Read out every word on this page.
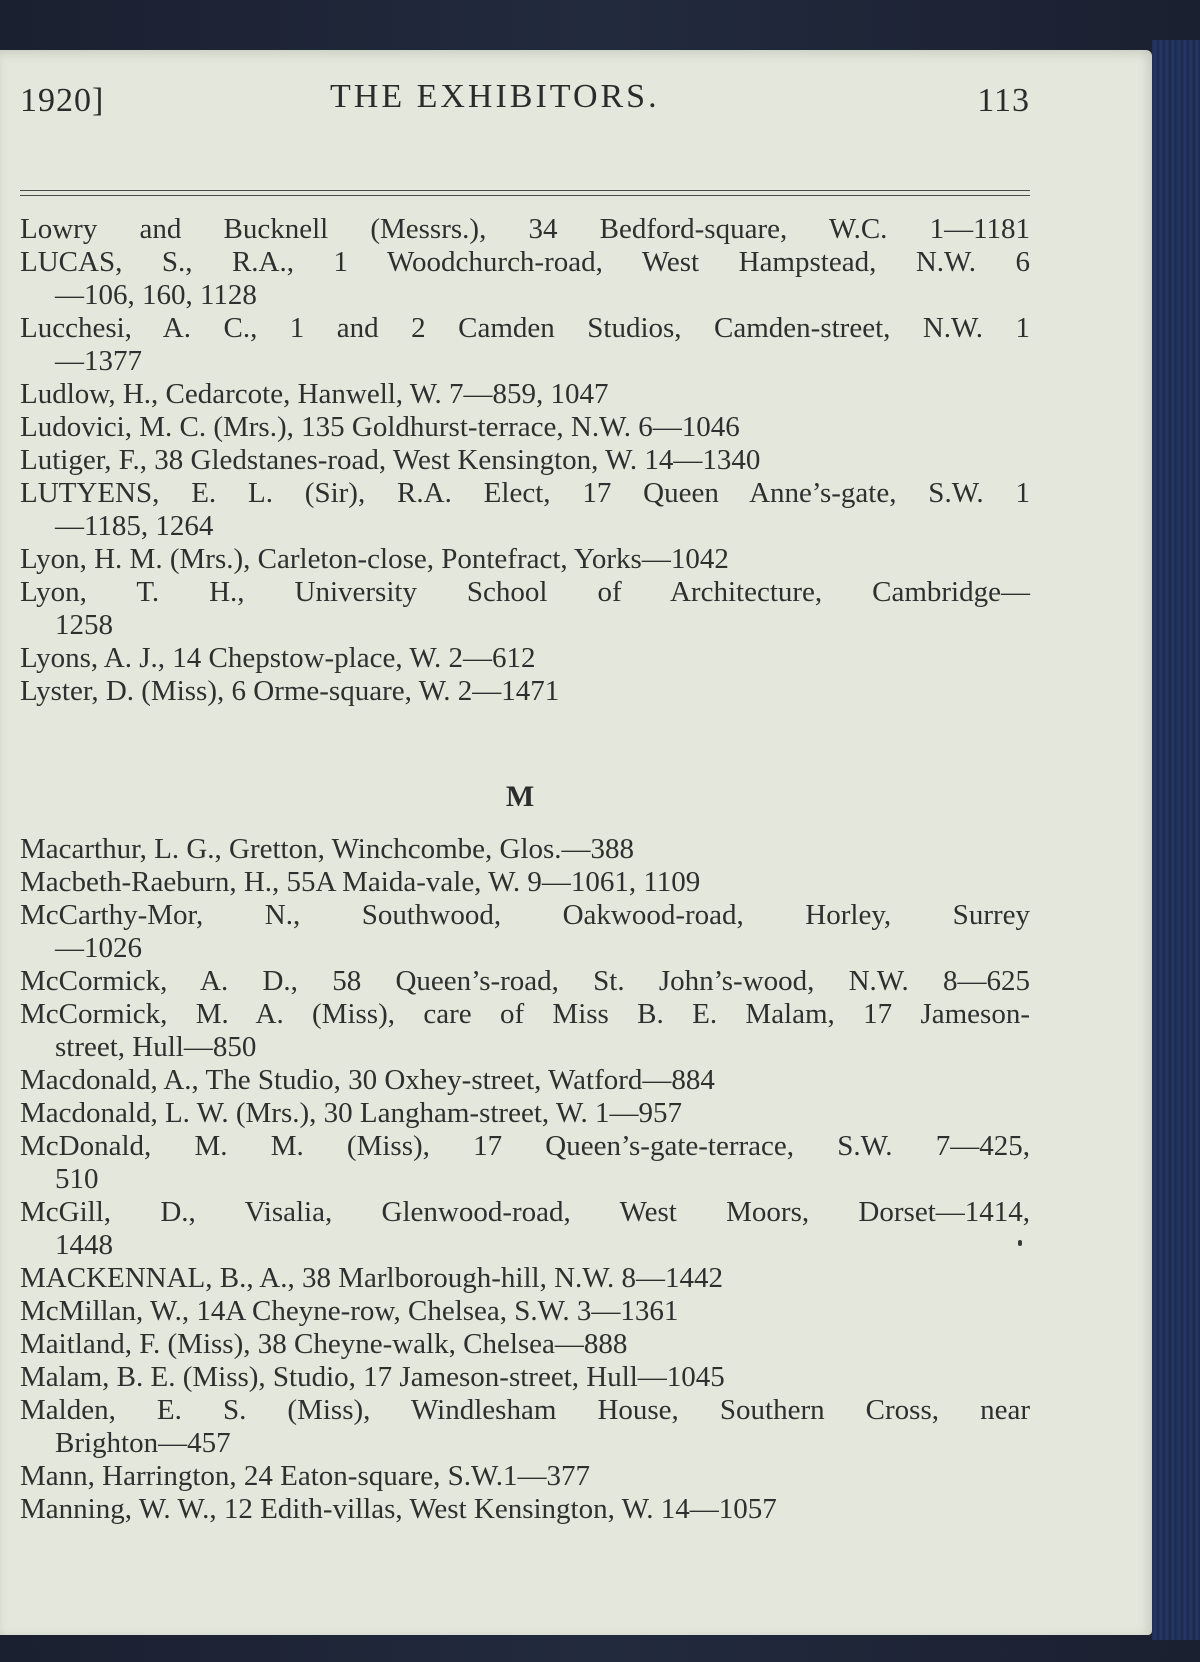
1920]	THE EXHIBITORS.	113
Lowry and Bucknell (Messrs.), 34 Bedford-square, W.C. 1—1181
LUCAS, S., R.A., 1 Woodchurch-road, West Hampstead, N.W. 6
—106, 160, 1128
Lucchesi, A. C., 1 and 2 Camden Studios, Camden-street, N.W. 1
—1377
Ludlow, H., Cedarcote, Hanwell, W. 7—859, 1047
Ludovici, M. C. (Mrs.), 135 Goldhurst-terrace, N.W. 6—1046
Lutiger, F., 38 Gledstanes-road, West Kensington, W. 14—1340
LUTYENS, E. L. (Sir), R.A. Elect, 17 Queen Anne’s-gate, S.W. 1
—1185, 1264
Lyon, H. M. (Mrs.), Carleton-close, Pontefract, Yorks—1042
Lyon, T. H., University School of Architecture, Cambridge—
1258
Lyons, A. J., 14 Chepstow-place, W. 2—612
Lyster, D. (Miss), 6 Orme-square, W. 2—1471
M
Macarthur, L. G., Gretton, Winchcombe, Glos.—388
Macbeth-Raeburn, H., 55A Maida-vale, W. 9—1061, 1109
McCarthy-Mor, N., Southwood, Oakwood-road, Horley, Surrey
—1026
McCormick, A. D., 58 Queen’s-road, St. John’s-wood, N.W. 8—625
McCormick, M. A. (Miss), care of Miss B. E. Malam, 17 Jameson-
street, Hull—850
Macdonald, A., The Studio, 30 Oxhey-street, Watford—884
Macdonald, L. W. (Mrs.), 30 Langham-street, W. 1—957
McDonald, M. M. (Miss), 17 Queen’s-gate-terrace, S.W. 7—425,
510
McGill, D., Visalia, Glenwood-road, West Moors, Dorset—1414,
1448
MACKENNAL, B., A., 38 Marlborough-hill, N.W. 8—1442
McMillan, W., 14A Cheyne-row, Chelsea, S.W. 3—1361
Maitland, F. (Miss), 38 Cheyne-walk, Chelsea—888
Malam, B. E. (Miss), Studio, 17 Jameson-street, Hull—1045
Malden, E. S. (Miss), Windlesham House, Southern Cross, near
Brighton—457
Mann, Harrington, 24 Eaton-square, S.W.1—377
Manning, W. W., 12 Edith-villas, West Kensington, W. 14—1057
